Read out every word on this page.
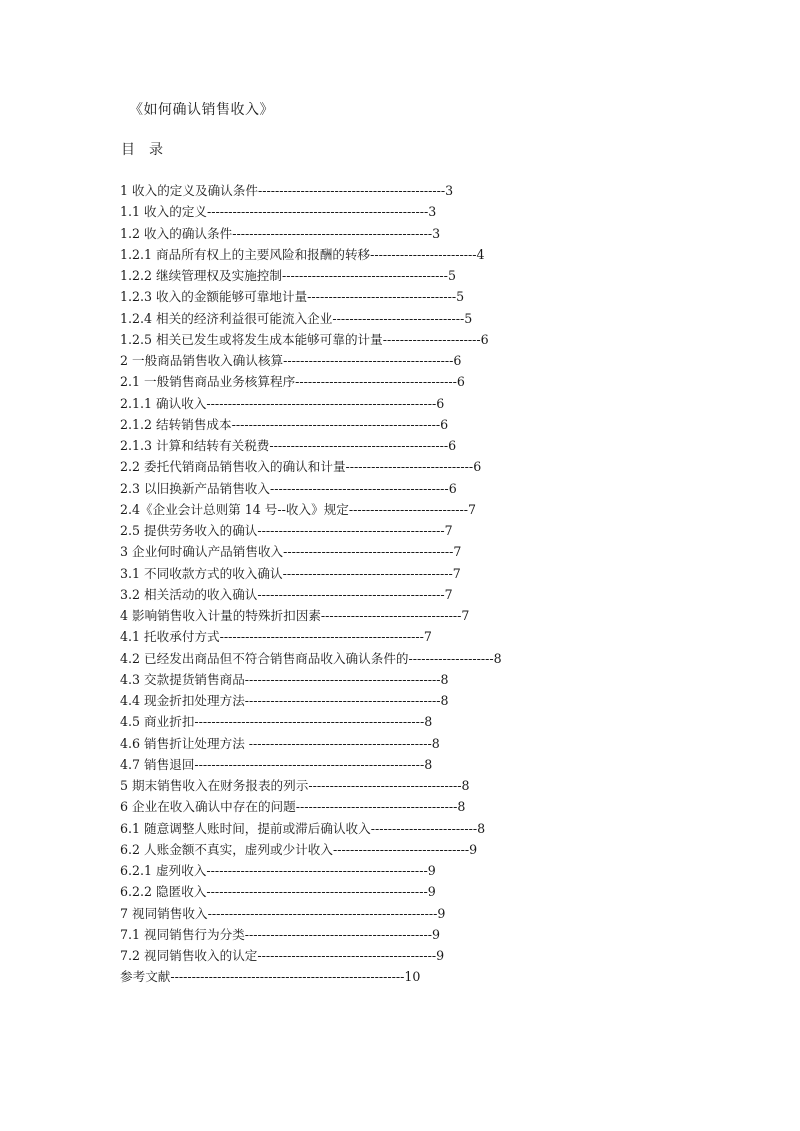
《如何确认销售收入》
目　录
1 收入的定义及确认条件--------------------------------------------3
1.1 收入的定义----------------------------------------------------3
1.2 收入的确认条件-----------------------------------------------3
1.2.1 商品所有权上的主要风险和报酬的转移-------------------------4
1.2.2 继续管理权及实施控制---------------------------------------5
1.2.3 收入的金额能够可靠地计量-----------------------------------5
1.2.4 相关的经济利益很可能流入企业-------------------------------5
1.2.5 相关已发生或将发生成本能够可靠的计量-----------------------6
2 一般商品销售收入确认核算----------------------------------------6
2.1 一般销售商品业务核算程序--------------------------------------6
2.1.1 确认收入------------------------------------------------------6
2.1.2 结转销售成本-------------------------------------------------6
2.1.3 计算和结转有关税费------------------------------------------6
2.2 委托代销商品销售收入的确认和计量------------------------------6
2.3 以旧换新产品销售收入------------------------------------------6
2.4《企业会计总则第 14 号--收入》规定----------------------------7
2.5 提供劳务收入的确认--------------------------------------------7
3 企业何时确认产品销售收入----------------------------------------7
3.1 不同收款方式的收入确认----------------------------------------7
3.2 相关活动的收入确认--------------------------------------------7
4 影响销售收入计量的特殊折扣因素---------------------------------7
4.1 托收承付方式------------------------------------------------7
4.2 已经发出商品但不符合销售商品收入确认条件的--------------------8
4.3 交款提货销售商品----------------------------------------------8
4.4 现金折扣处理方法----------------------------------------------8
4.5 商业折扣------------------------------------------------------8
4.6 销售折让处理方法 -------------------------------------------8
4.7 销售退回------------------------------------------------------8
5 期末销售收入在财务报表的列示------------------------------------8
6 企业在收入确认中存在的问题--------------------------------------8
6.1 随意调整人账时间，提前或滞后确认收入-------------------------8
6.2 人账金额不真实，虚列或少计收入--------------------------------9
6.2.1 虚列收入----------------------------------------------------9
6.2.2 隐匿收入----------------------------------------------------9
7 视同销售收入------------------------------------------------------9
7.1 视同销售行为分类--------------------------------------------9
7.2 视同销售收入的认定------------------------------------------9
参考文献-------------------------------------------------------10
